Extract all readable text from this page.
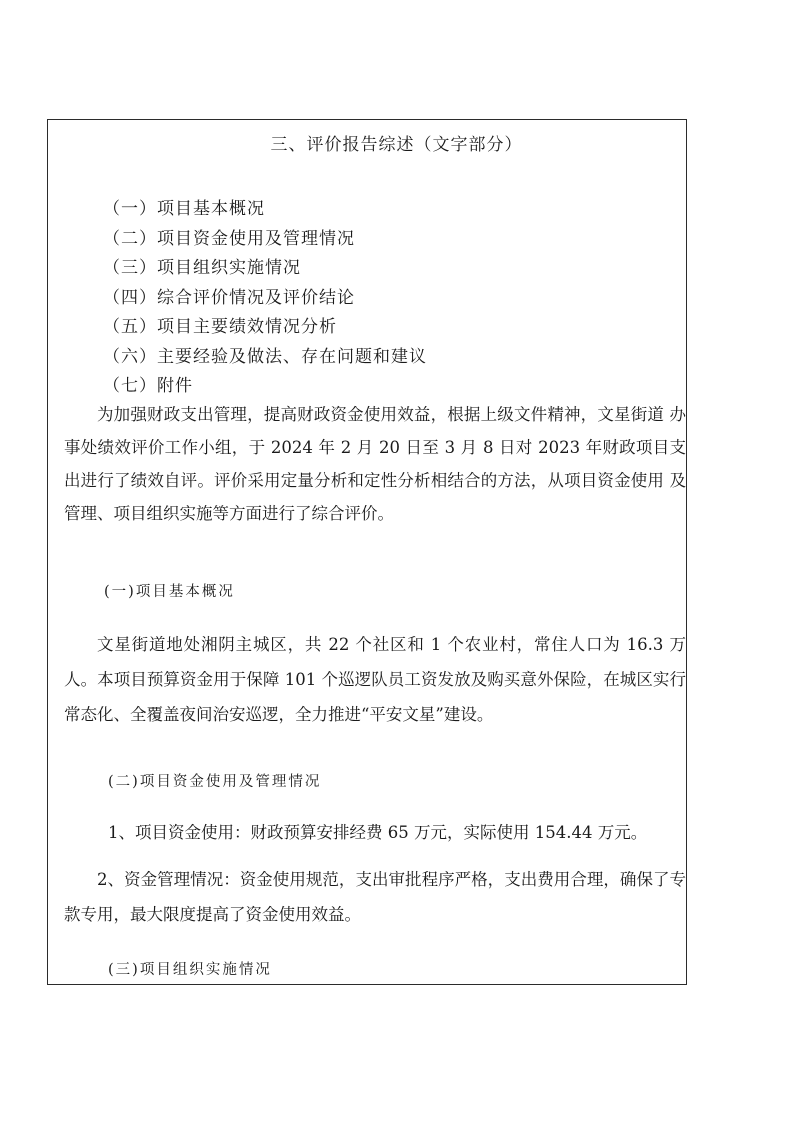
三、评价报告综述（文字部分）
（一）项目基本概况
（二）项目资金使用及管理情况
（三）项目组织实施情况
（四）综合评价情况及评价结论
（五）项目主要绩效情况分析
（六）主要经验及做法、存在问题和建议
（七）附件

为加强财政支出管理，提高财政资金使用效益，根据上级文件精神，文星街道 办事处绩效评价工作小组，于 2024 年 2 月 20 日至 3 月 8 日对 2023 年财政项目支 出进行了绩效自评。评价采用定量分析和定性分析相结合的方法，从项目资金使用 及管理、项目组织实施等方面进行了综合评价。

(一)项目基本概况

文星街道地处湘阴主城区，共 22 个社区和 1 个农业村，常住人口为 16.3 万人。本项目预算资金用于保障 101 个巡逻队员工资发放及购买意外保险，在城区实行常态化、全覆盖夜间治安巡逻，全力推进“平安文星”建设。

(二)项目资金使用及管理情况
1、项目资金使用：财政预算安排经费 65 万元，实际使用 154.44 万元。

2、资金管理情况：资金使用规范，支出审批程序严格，支出费用合理，确保了专款专用，最大限度提高了资金使用效益。

(三)项目组织实施情况
